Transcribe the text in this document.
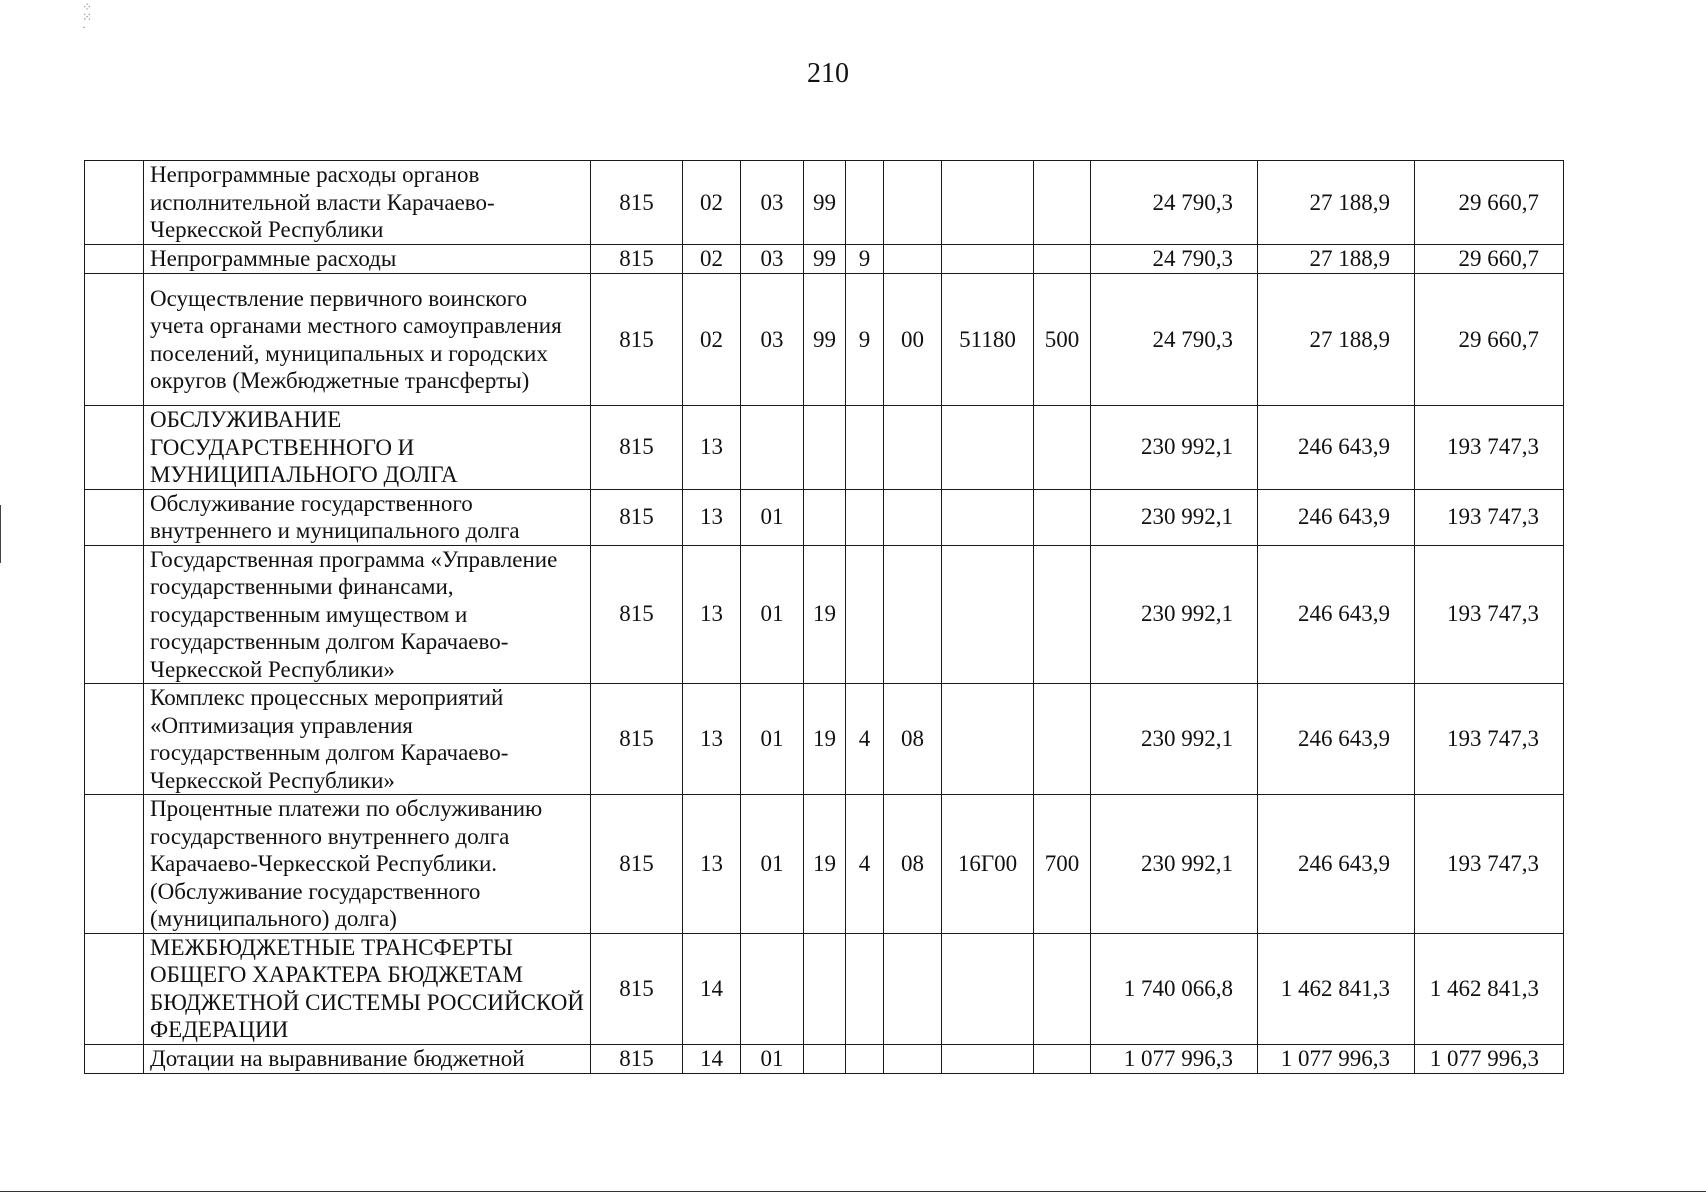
⁘
⁙
·
210
	Непрограммные расходы органов исполнительной власти Карачаево-Черкесской Республики	815	02	03	99					24 790,3	27 188,9	29 660,7
	Непрограммные расходы	815	02	03	99	9				24 790,3	27 188,9	29 660,7
	Осуществление первичного воинского учета органами местного самоуправления поселений, муниципальных и городских округов (Межбюджетные трансферты)	815	02	03	99	9	00	51180	500	24 790,3	27 188,9	29 660,7
	ОБСЛУЖИВАНИЕ ГОСУДАРСТВЕННОГО И МУНИЦИПАЛЬНОГО ДОЛГА	815	13							230 992,1	246 643,9	193 747,3
	Обслуживание государственного внутреннего и муниципального долга	815	13	01						230 992,1	246 643,9	193 747,3
	Государственная программа «Управление государственными финансами, государственным имуществом и государственным долгом Карачаево-Черкесской Республики»	815	13	01	19					230 992,1	246 643,9	193 747,3
	Комплекс процессных мероприятий «Оптимизация управления государственным долгом Карачаево-Черкесской Республики»	815	13	01	19	4	08			230 992,1	246 643,9	193 747,3
	Процентные платежи по обслуживанию государственного внутреннего долга Карачаево-Черкесской Республики. (Обслуживание государственного (муниципального) долга)	815	13	01	19	4	08	16Г00	700	230 992,1	246 643,9	193 747,3
	МЕЖБЮДЖЕТНЫЕ ТРАНСФЕРТЫ ОБЩЕГО ХАРАКТЕРА БЮДЖЕТАМ БЮДЖЕТНОЙ СИСТЕМЫ РОССИЙСКОЙ ФЕДЕРАЦИИ	815	14							1 740 066,8	1 462 841,3	1 462 841,3
	Дотации на выравнивание бюджетной	815	14	01						1 077 996,3	1 077 996,3	1 077 996,3
